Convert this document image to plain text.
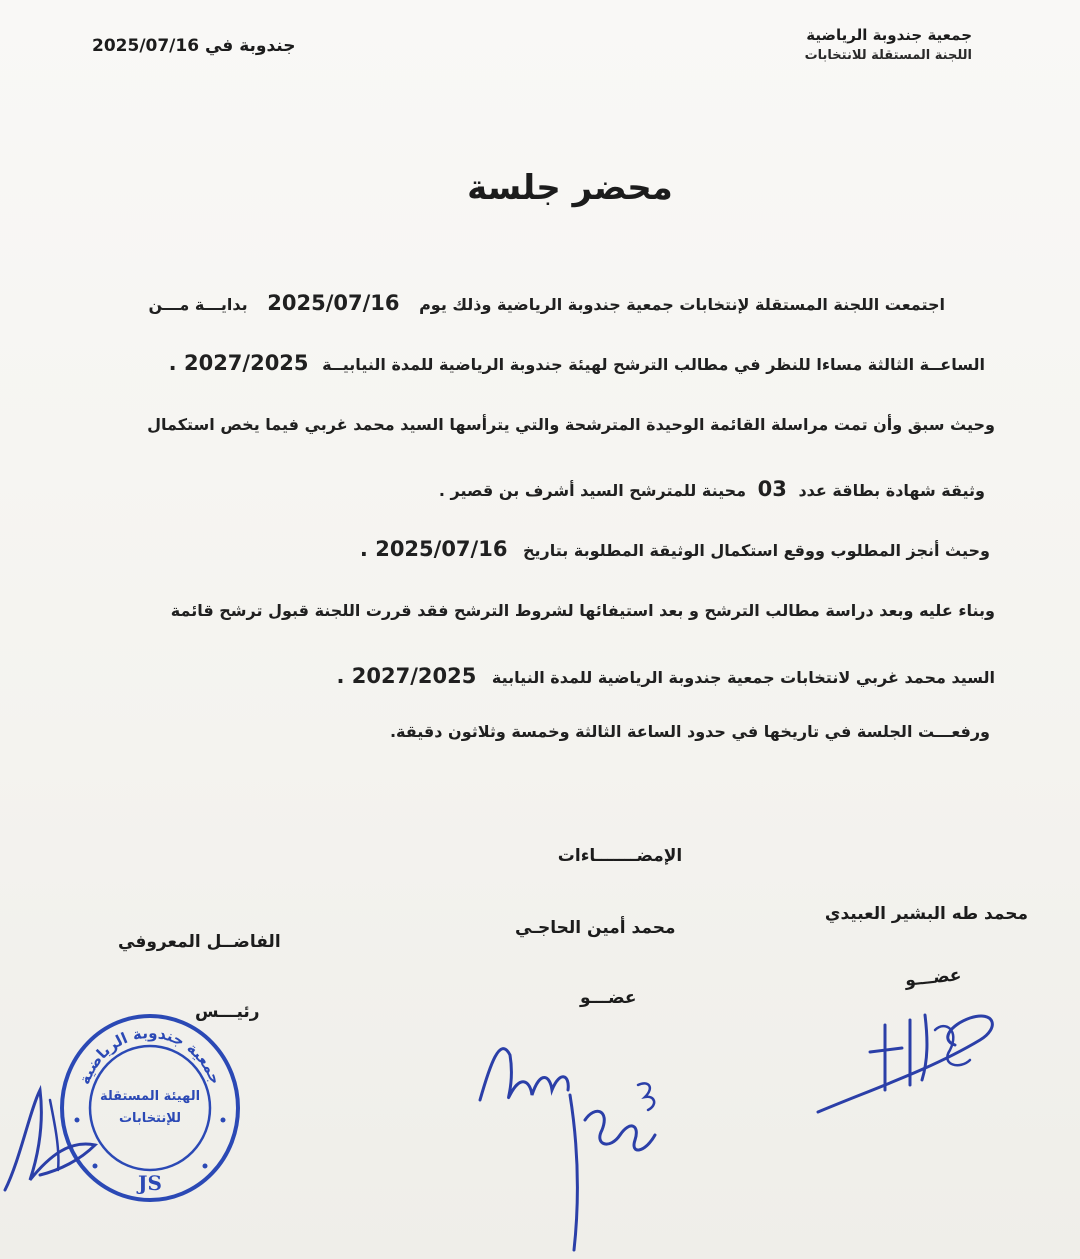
جمعية جندوبة الرياضية
اللجنة المستقلة للانتخابات
جندوبة في 2025/07/16
محضر جلسة
اجتمعت اللجنة المستقلة لإنتخابات جمعية جندوبة الرياضية وذلك يوم 2025/07/16 بدايـــة مـــن
الساعــة الثالثة مساءا للنظر في مطالب الترشح لهيئة جندوبة الرياضية للمدة النيابيــة 2027/2025 .
وحيث سبق وأن تمت مراسلة القائمة الوحيدة المترشحة والتي يترأسها السيد محمد غربي فيما يخص استكمال
وثيقة شهادة بطاقة عدد 03 محينة للمترشح السيد أشرف بن قصير .
وحيث أنجز المطلوب ووقع استكمال الوثيقة المطلوبة بتاريخ 2025/07/16 .
وبناء عليه وبعد دراسة مطالب الترشح و بعد استيفائها لشروط الترشح فقد قررت اللجنة قبول ترشح قائمة
السيد محمد غربي لانتخابات جمعية جندوبة الرياضية للمدة النيابية 2027/2025 .
ورفعـــت الجلسة في تاريخها في حدود الساعة الثالثة وخمسة وثلاثون دقيقة.
الإمضـــــــاءات
محمد طه البشير العبيدي
محمد أمين الحاجـي
الفاضــل المعروفي
عضـــو
عضـــو
رئيـــس
جمعية جندوبة الرياضية
الهيئة المستقلة
للإنتخابات
JS
